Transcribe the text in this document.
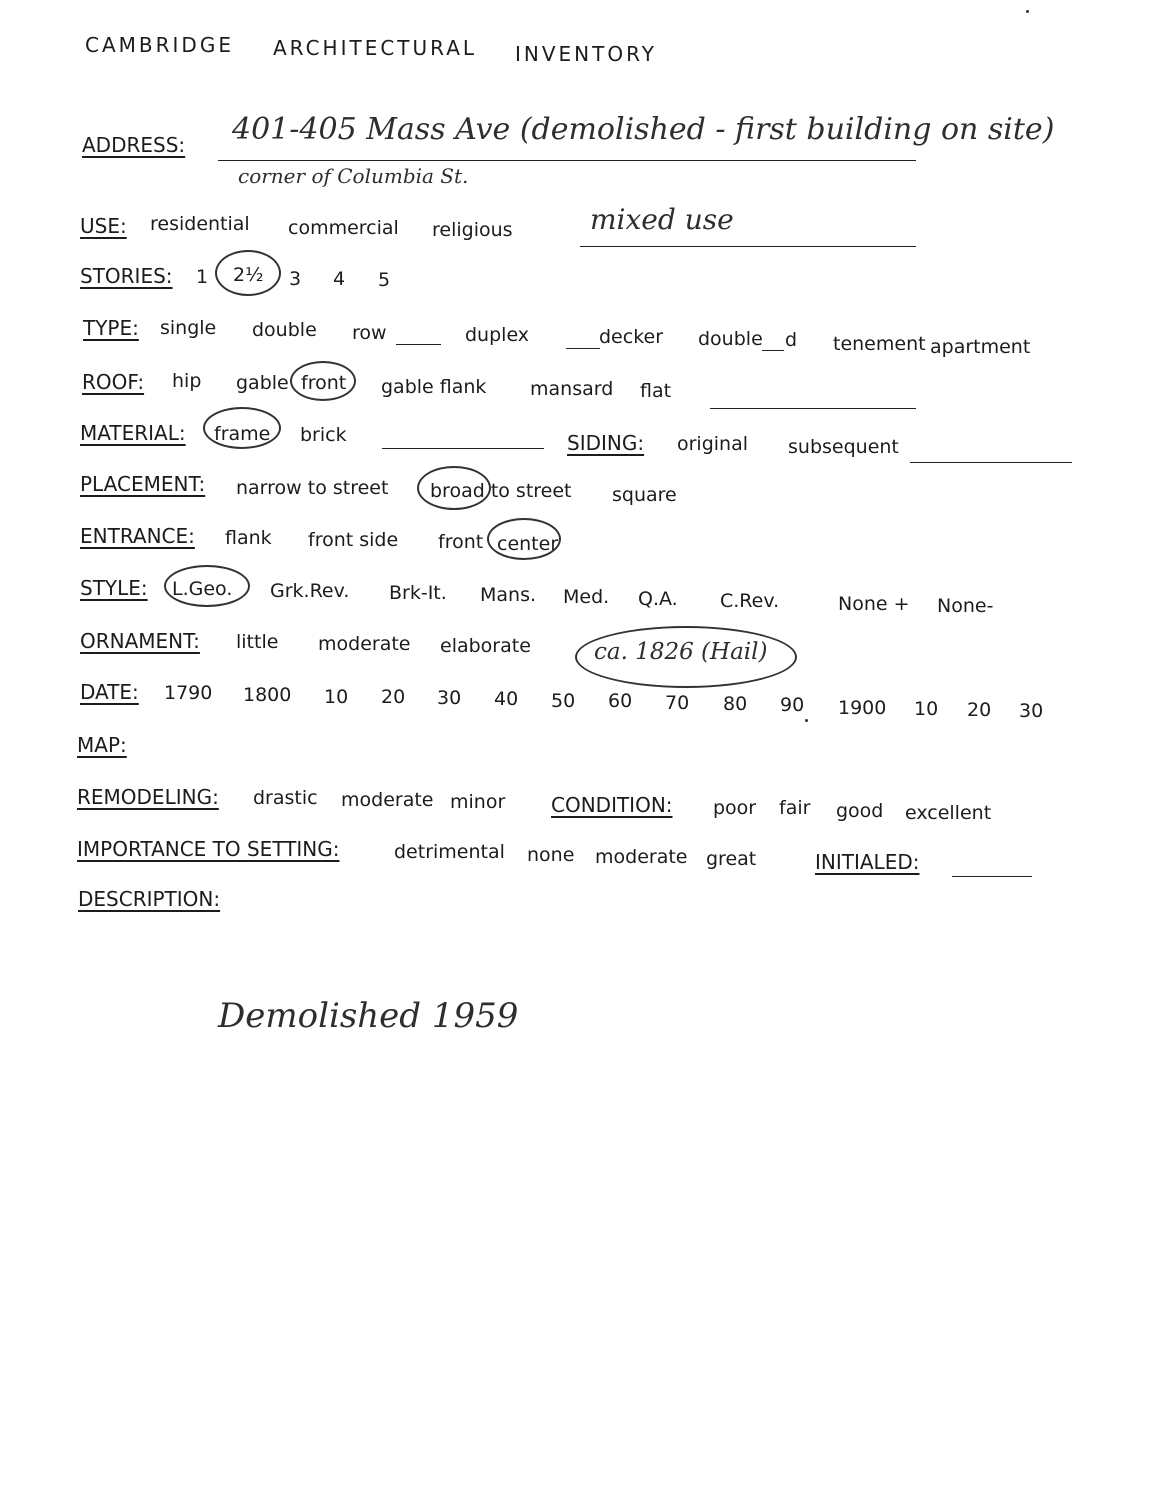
CAMBRIDGE ARCHITECTURAL INVENTORY
ADDRESS: 401-405 Mass Ave (demolished - first building on site)
corner of Columbia St.
USE: residential commercial religious	mixed use
STORIES: 1 2½ 3 4 5
TYPE: single double row	duplex	decker double d tenement apartment
ROOF: hip gable front gable flank mansard flat
MATERIAL: frame brick	SIDING: original subsequent
PLACEMENT: narrow to street broad to street square
ENTRANCE: flank front side front center
STYLE: L.Geo. Grk.Rev. Brk-It. Mans. Med. Q.A. C.Rev.	None + None-
ORNAMENT: little moderate elaborate	ca. 1826 (Hail)
DATE: 1790 1800 10 20 30 40 50 60 70 80 90 1900 10 20 30
MAP:
REMODELING: drastic moderate minor CONDITION: poor fair good excellent
IMPORTANCE TO SETTING:	detrimental none moderate great	INITIALED:
DESCRIPTION:
Demolished 1959
